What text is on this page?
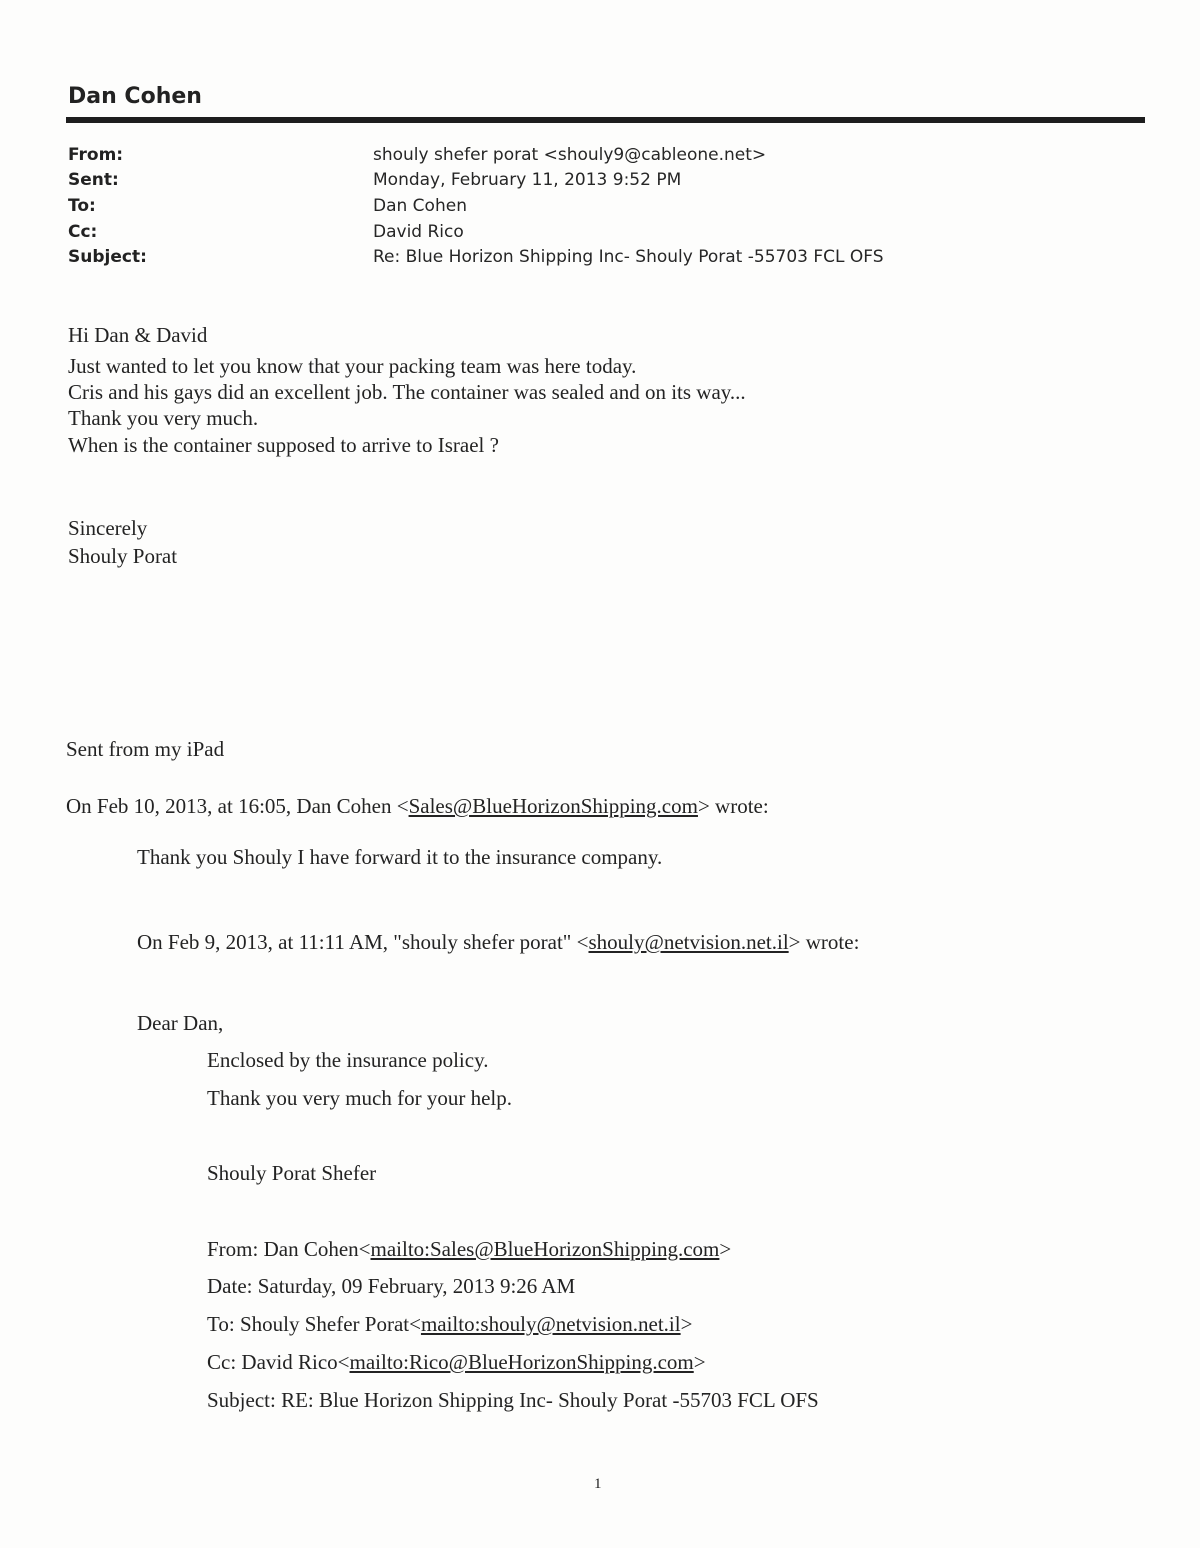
Dan Cohen
From:	shouly shefer porat <shouly9@cableone.net>
Sent:	Monday, February 11, 2013 9:52 PM
To:	Dan Cohen
Cc:	David Rico
Subject:	Re: Blue Horizon Shipping Inc- Shouly Porat -55703 FCL OFS
Hi Dan & David
Just wanted to let you know that your packing team was here today.
Cris and his gays did an excellent job. The container was sealed and on its way...
Thank you very much.
When is the container supposed to arrive to Israel ?
Sincerely
Shouly Porat
Sent from my iPad
On Feb 10, 2013, at 16:05, Dan Cohen <Sales@BlueHorizonShipping.com> wrote:
Thank you Shouly I have forward it to the insurance company.
On Feb 9, 2013, at 11:11 AM, "shouly shefer porat" <shouly@netvision.net.il> wrote:
Dear Dan,
Enclosed by the insurance policy.
Thank you very much for your help.
Shouly Porat Shefer
From: Dan Cohen<mailto:Sales@BlueHorizonShipping.com>
Date: Saturday, 09 February, 2013 9:26 AM
To: Shouly Shefer Porat<mailto:shouly@netvision.net.il>
Cc: David Rico<mailto:Rico@BlueHorizonShipping.com>
Subject: RE: Blue Horizon Shipping Inc- Shouly Porat -55703 FCL OFS
1
